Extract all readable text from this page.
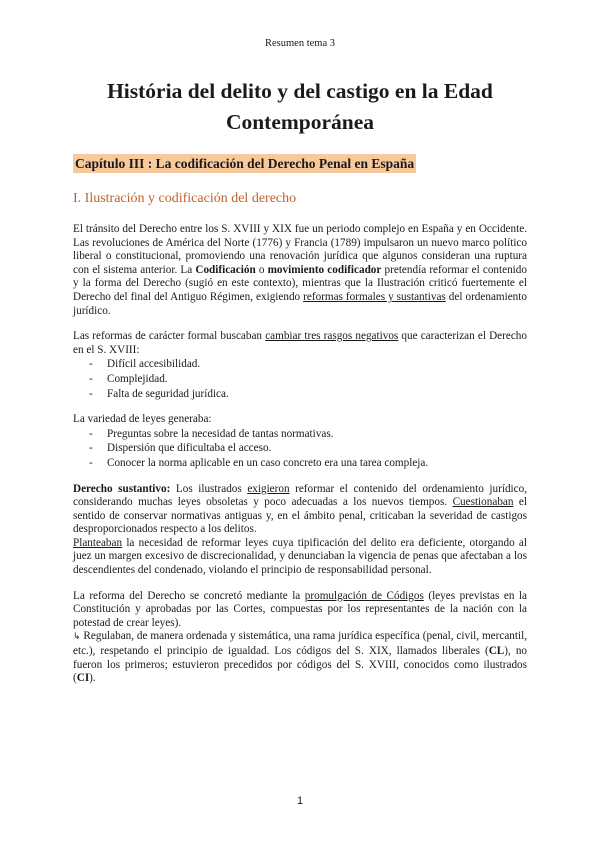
Resumen tema 3
História del delito y del castigo en la Edad Contemporánea
Capítulo III : La codificación del Derecho Penal en España
I. Ilustración y codificación del derecho

El tránsito del Derecho entre los S. XVIII y XIX fue un periodo complejo en España y en Occidente. Las revoluciones de América del Norte (1776) y Francia (1789) impulsaron un nuevo marco político liberal o constitucional, promoviendo una renovación jurídica que algunos consideran una ruptura con el sistema anterior. La Codificación o movimiento codificador pretendía reformar el contenido y la forma del Derecho (sugió en este contexto), mientras que la Ilustración criticó fuertemente el Derecho del final del Antiguo Régimen, exigiendo reformas formales y sustantivas del ordenamiento jurídico.

Las reformas de carácter formal buscaban cambiar tres rasgos negativos que caracterizan el Derecho en el S. XVIII:

- Difícil accesibilidad.
- Complejidad.
- Falta de seguridad jurídica.

La variedad de leyes generaba:

- Preguntas sobre la necesidad de tantas normativas.
- Dispersión que dificultaba el acceso.
- Conocer la norma aplicable en un caso concreto era una tarea compleja.

Derecho sustantivo: Los ilustrados exigieron reformar el contenido del ordenamiento jurídico, considerando muchas leyes obsoletas y poco adecuadas a los nuevos tiempos. Cuestionaban el sentido de conservar normativas antiguas y, en el ámbito penal, criticaban la severidad de castigos desproporcionados respecto a los delitos.

Planteaban la necesidad de reformar leyes cuya tipificación del delito era deficiente, otorgando al juez un margen excesivo de discrecionalidad, y denunciaban la vigencia de penas que afectaban a los descendientes del condenado, violando el principio de responsabilidad personal.

La reforma del Derecho se concretó mediante la promulgación de Códigos (leyes previstas en la Constitución y aprobadas por las Cortes, compuestas por los representantes de la nación con la potestad de crear leyes).

↳ Regulaban, de manera ordenada y sistemática, una rama jurídica específica (penal, civil, mercantil, etc.), respetando el principio de igualdad. Los códigos del S. XIX, llamados liberales (CL), no fueron los primeros; estuvieron precedidos por códigos del S. XVIII, conocidos como ilustrados (CI).

1
